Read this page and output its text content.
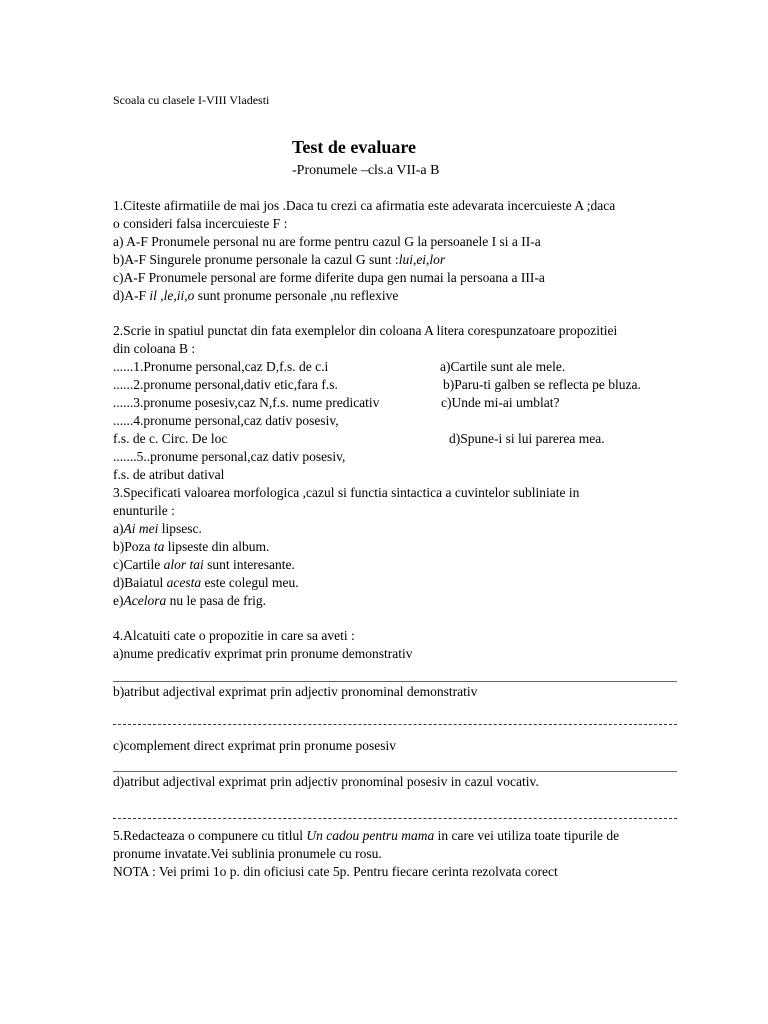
Scoala cu clasele I-VIII Vladesti
Test de evaluare
-Pronumele –cls.a VII-a B
1.Citeste afirmatiile de mai jos .Daca tu crezi ca afirmatia este adevarata incercuieste A ;daca
o consideri falsa incercuieste F :
a) A-F Pronumele personal nu are forme pentru cazul G la persoanele I si a II-a
b)A-F Singurele pronume personale la cazul G sunt :lui,ei,lor
c)A-F Pronumele personal are forme diferite dupa gen numai la persoana a III-a
d)A-F il ,le,ii,o sunt pronume personale ,nu reflexive
2.Scrie in spatiul punctat din fata exemplelor din coloana A litera corespunzatoare propozitiei
din coloana B :
......1.Pronume personal,caz D,f.s. de c.i	a)Cartile sunt ale mele.
......2.pronume personal,dativ etic,fara f.s.	b)Paru-ti galben se reflecta pe bluza.
......3.pronume posesiv,caz N,f.s. nume predicativ	c)Unde mi-ai umblat?
......4.pronume personal,caz dativ posesiv,
f.s. de c. Circ. De loc	d)Spune-i si lui parerea mea.
.......5..pronume personal,caz dativ posesiv,
f.s. de atribut datival
3.Specificati valoarea morfologica ,cazul si functia sintactica a cuvintelor subliniate in
enunturile :
a)Ai mei lipsesc.
b)Poza ta lipseste din album.
c)Cartile alor tai sunt interesante.
d)Baiatul acesta este colegul meu.
e)Acelora nu le pasa de frig.
4.Alcatuiti cate o propozitie in care sa aveti :
a)nume predicativ exprimat prin pronume demonstrativ
b)atribut adjectival exprimat prin adjectiv pronominal demonstrativ
c)complement direct exprimat prin pronume posesiv
d)atribut adjectival exprimat prin adjectiv pronominal posesiv in cazul vocativ.
5.Redacteaza o compunere cu titlul Un cadou pentru mama in care vei utiliza toate tipurile de
pronume invatate.Vei sublinia pronumele cu rosu.
NOTA : Vei primi 1o p. din oficiusi cate 5p. Pentru fiecare cerinta rezolvata corect
